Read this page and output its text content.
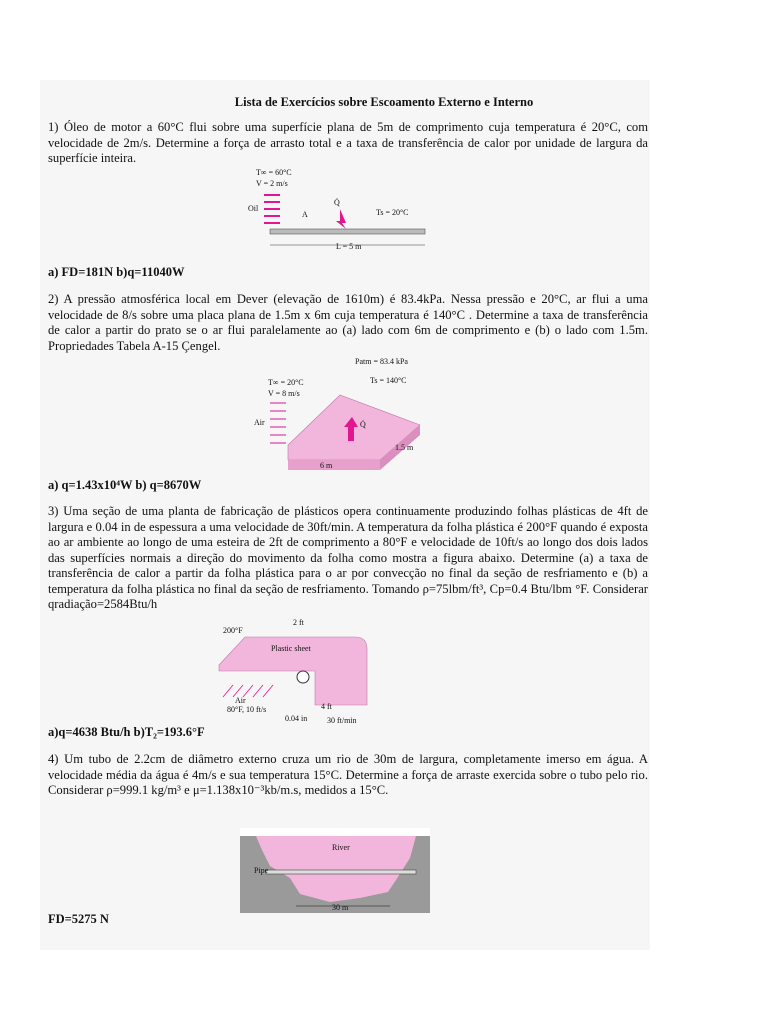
Lista de Exercícios sobre Escoamento Externo e Interno

1) Óleo de motor a 60°C flui sobre uma superfície plana de 5m de comprimento cuja temperatura é 20°C, com velocidade de 2m/s. Determine a força de arrasto total e a taxa de transferência de calor por unidade de largura da superfície inteira.

T∞ = 60°C
V = 2 m/s
Oil
A
Q̇
Ts = 20°C
L = 5 m
a) FD=181N b)q=11040W

2) A pressão atmosférica local em Dever (elevação de 1610m) é 83.4kPa. Nessa pressão e 20°C, ar flui a uma velocidade de 8/s sobre uma placa plana de 1.5m x 6m cuja temperatura é 140°C . Determine a taxa de transferência de calor a partir do prato se o ar flui paralelamente ao (a) lado com 6m de comprimento e (b) o lado com 1.5m. Propriedades Tabela A-15 Çengel.

Patm = 83.4 kPa
Ts = 140°C
T∞ = 20°C
V = 8 m/s
Air	Q̇
6 m
1.5 m
a) q=1.43x10⁴W b) q=8670W

3) Uma seção de uma planta de fabricação de plásticos opera continuamente produzindo folhas plásticas de 4ft de largura e 0.04 in de espessura a uma velocidade de 30ft/min. A temperatura da folha plástica é 200°F quando é exposta ao ar ambiente ao longo de uma esteira de 2ft de comprimento a 80°F e velocidade de 10ft/s ao longo dos dois lados das superfícies normais a direção do movimento da folha como mostra a figura abaixo. Determine (a) a taxa de transferência de calor a partir da folha plástica para o ar por convecção no final da seção de resfriamento e (b) a temperatura da folha plástica no final da seção de resfriamento. Tomando ρ=75lbm/ft³, Cp=0.4 Btu/lbm °F. Considerar qradiação=2584Btu/h

200°F
2 ft
Plastic sheet
Air
80°F, 10 ft/s	4 ft
0.04 in 30 ft/min
a)q=4638 Btu/h b)T₂=193.6°F

4) Um tubo de 2.2cm de diâmetro externo cruza um rio de 30m de largura, completamente imerso em água. A velocidade média da água é 4m/s e sua temperatura 15°C. Determine a força de arraste exercida sobre o tubo pelo rio. Considerar ρ=999.1 kg/m³ e μ=1.138x10⁻³kb/m.s, medidos a 15°C.

River
Pipe
30 m
FD=5275 N
